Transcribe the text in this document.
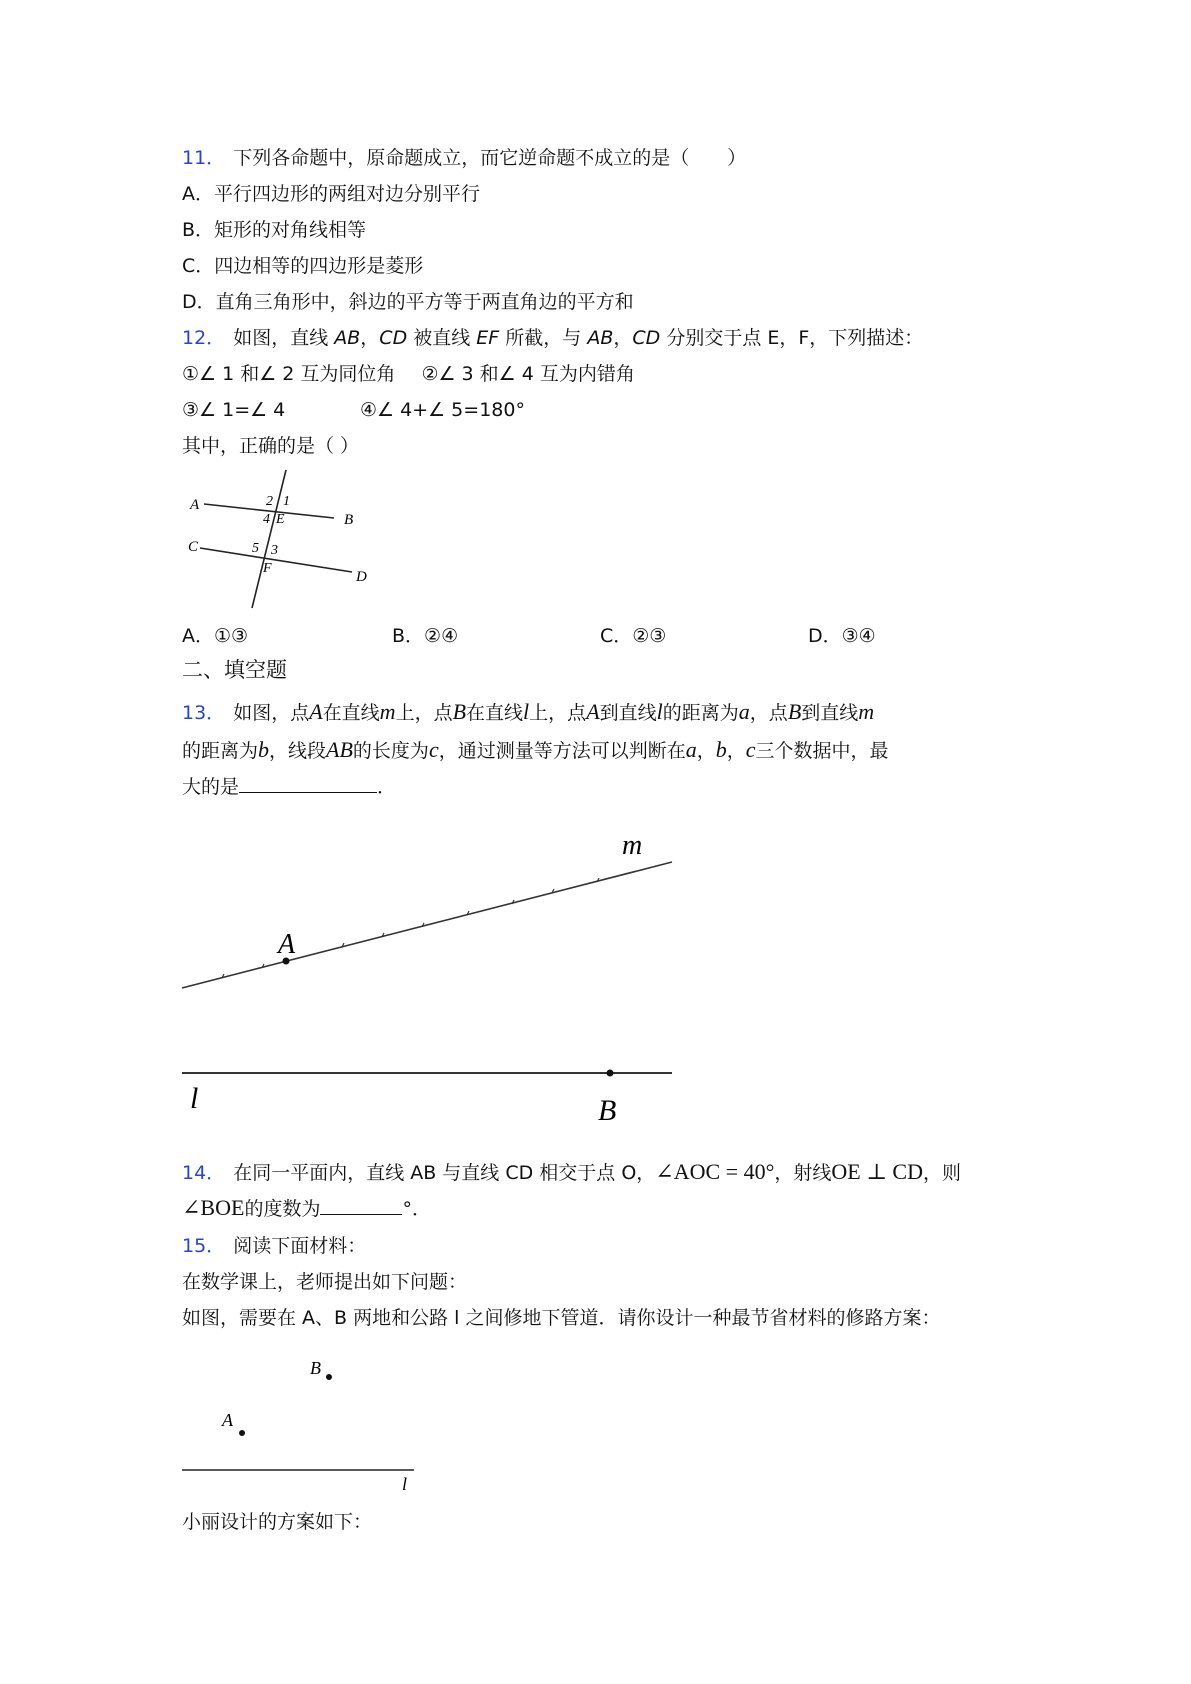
11． 下列各命题中，原命题成立，而它逆命题不成立的是（　　）
A．平行四边形的两组对边分别平行
B．矩形的对角线相等
C．四边相等的四边形是菱形
D．直角三角形中，斜边的平方等于两直角边的平方和
12． 如图，直线 AB，CD 被直线 EF 所截，与 AB，CD 分别交于点 E，F，下列描述：
①∠ 1 和∠ 2 互为同位角 ②∠ 3 和∠ 4 互为内错角
③∠ 1=∠ 4	④∠ 4+∠ 5=180°
其中，正确的是（ ）
A
B
C
D
E
F
2 1
4
5 3
A．①③	B．②④	C．②③	D．③④
二、填空题
13． 如图，点A在直线m上，点B在直线l上，点A到直线l的距离为a，点B到直线m
的距离为b，线段AB的长度为c，通过测量等方法可以判断在a，b，c三个数据中，最
大的是	．
A
m
l	B
14． 在同一平面内，直线 AB 与直线 CD 相交于点 O，∠AOC = 40°，射线OE ⊥ CD，则
∠BOE的度数为	°．
15． 阅读下面材料：
在数学课上，老师提出如下问题：
如图，需要在 A、B 两地和公路 l 之间修地下管道．请你设计一种最节省材料的修路方案：
B
A
l
小丽设计的方案如下：
